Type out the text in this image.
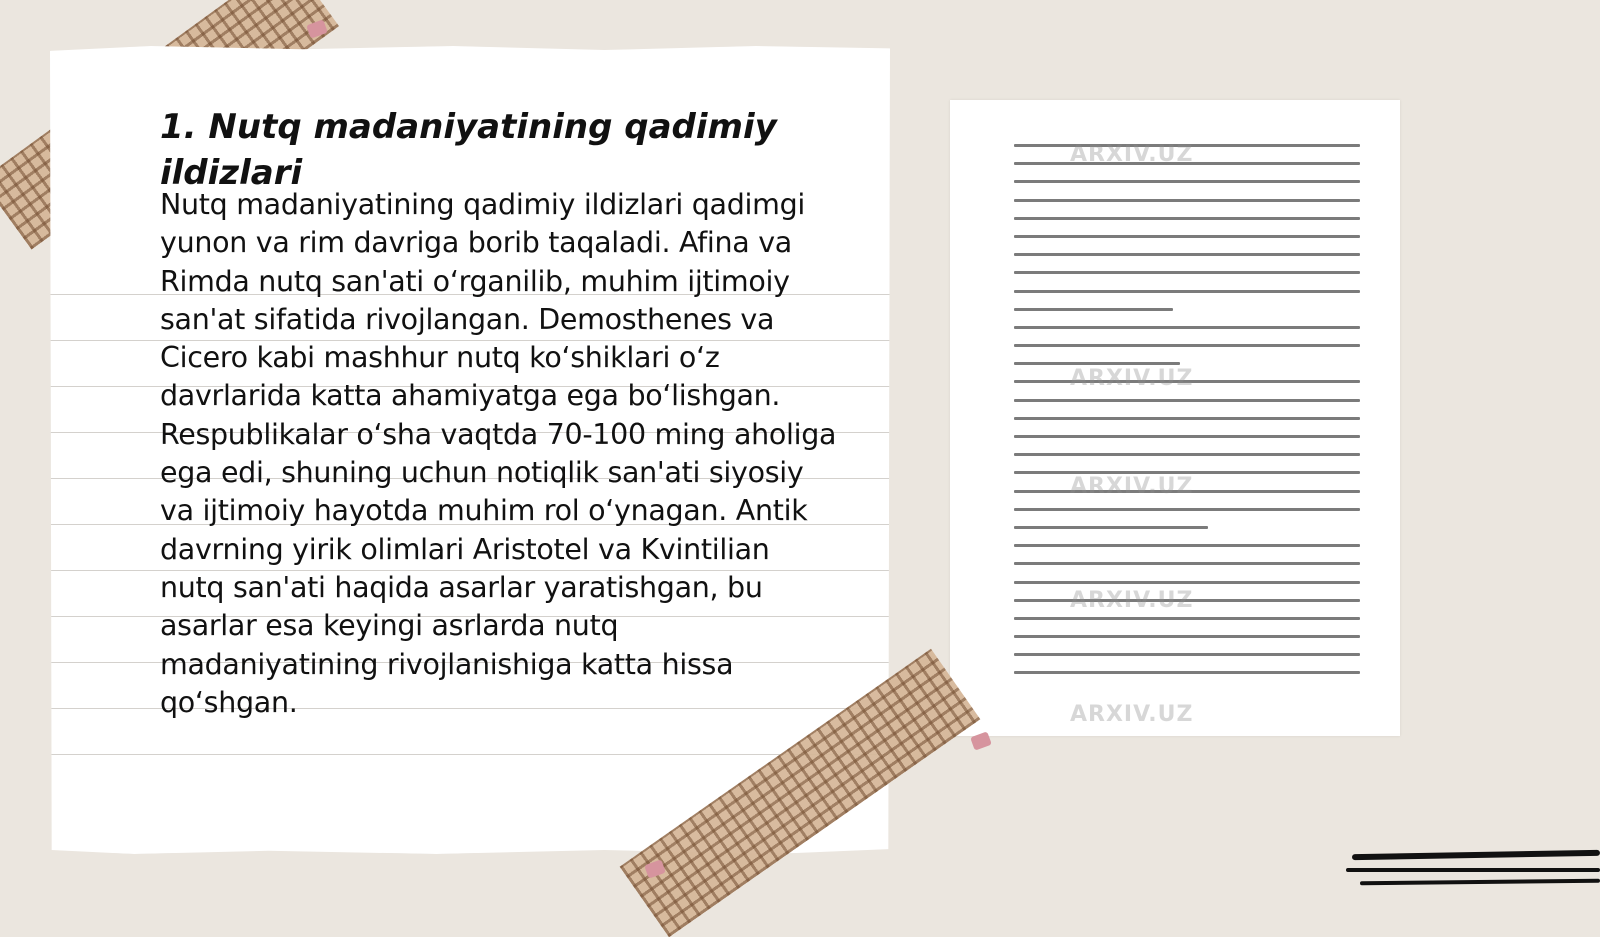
1. Nutq madaniyatining qadimiy ildizlari

Nutq madaniyatining qadimiy ildizlari qadimgi yunon va rim davriga borib taqaladi. Afina va Rimda nutq san'ati o‘rganilib, muhim ijtimoiy san'at sifatida rivojlangan. Demosthenes va Cicero kabi mashhur nutq ko‘shiklari o‘z davrlarida katta ahamiyatga ega bo‘lishgan. Respublikalar o‘sha vaqtda 70-100 ming aholiga ega edi, shuning uchun notiqlik san'ati siyosiy va ijtimoiy hayotda muhim rol o‘ynagan. Antik davrning yirik olimlari Aristotel va Kvintilian nutq san'ati haqida asarlar yaratishgan, bu asarlar esa keyingi asrlarda nutq madaniyatining rivojlanishiga katta hissa qo‘shgan.

ARXIV.UZ
ARXIV.UZ
ARXIV.UZ
ARXIV.UZ
ARXIV.UZ
